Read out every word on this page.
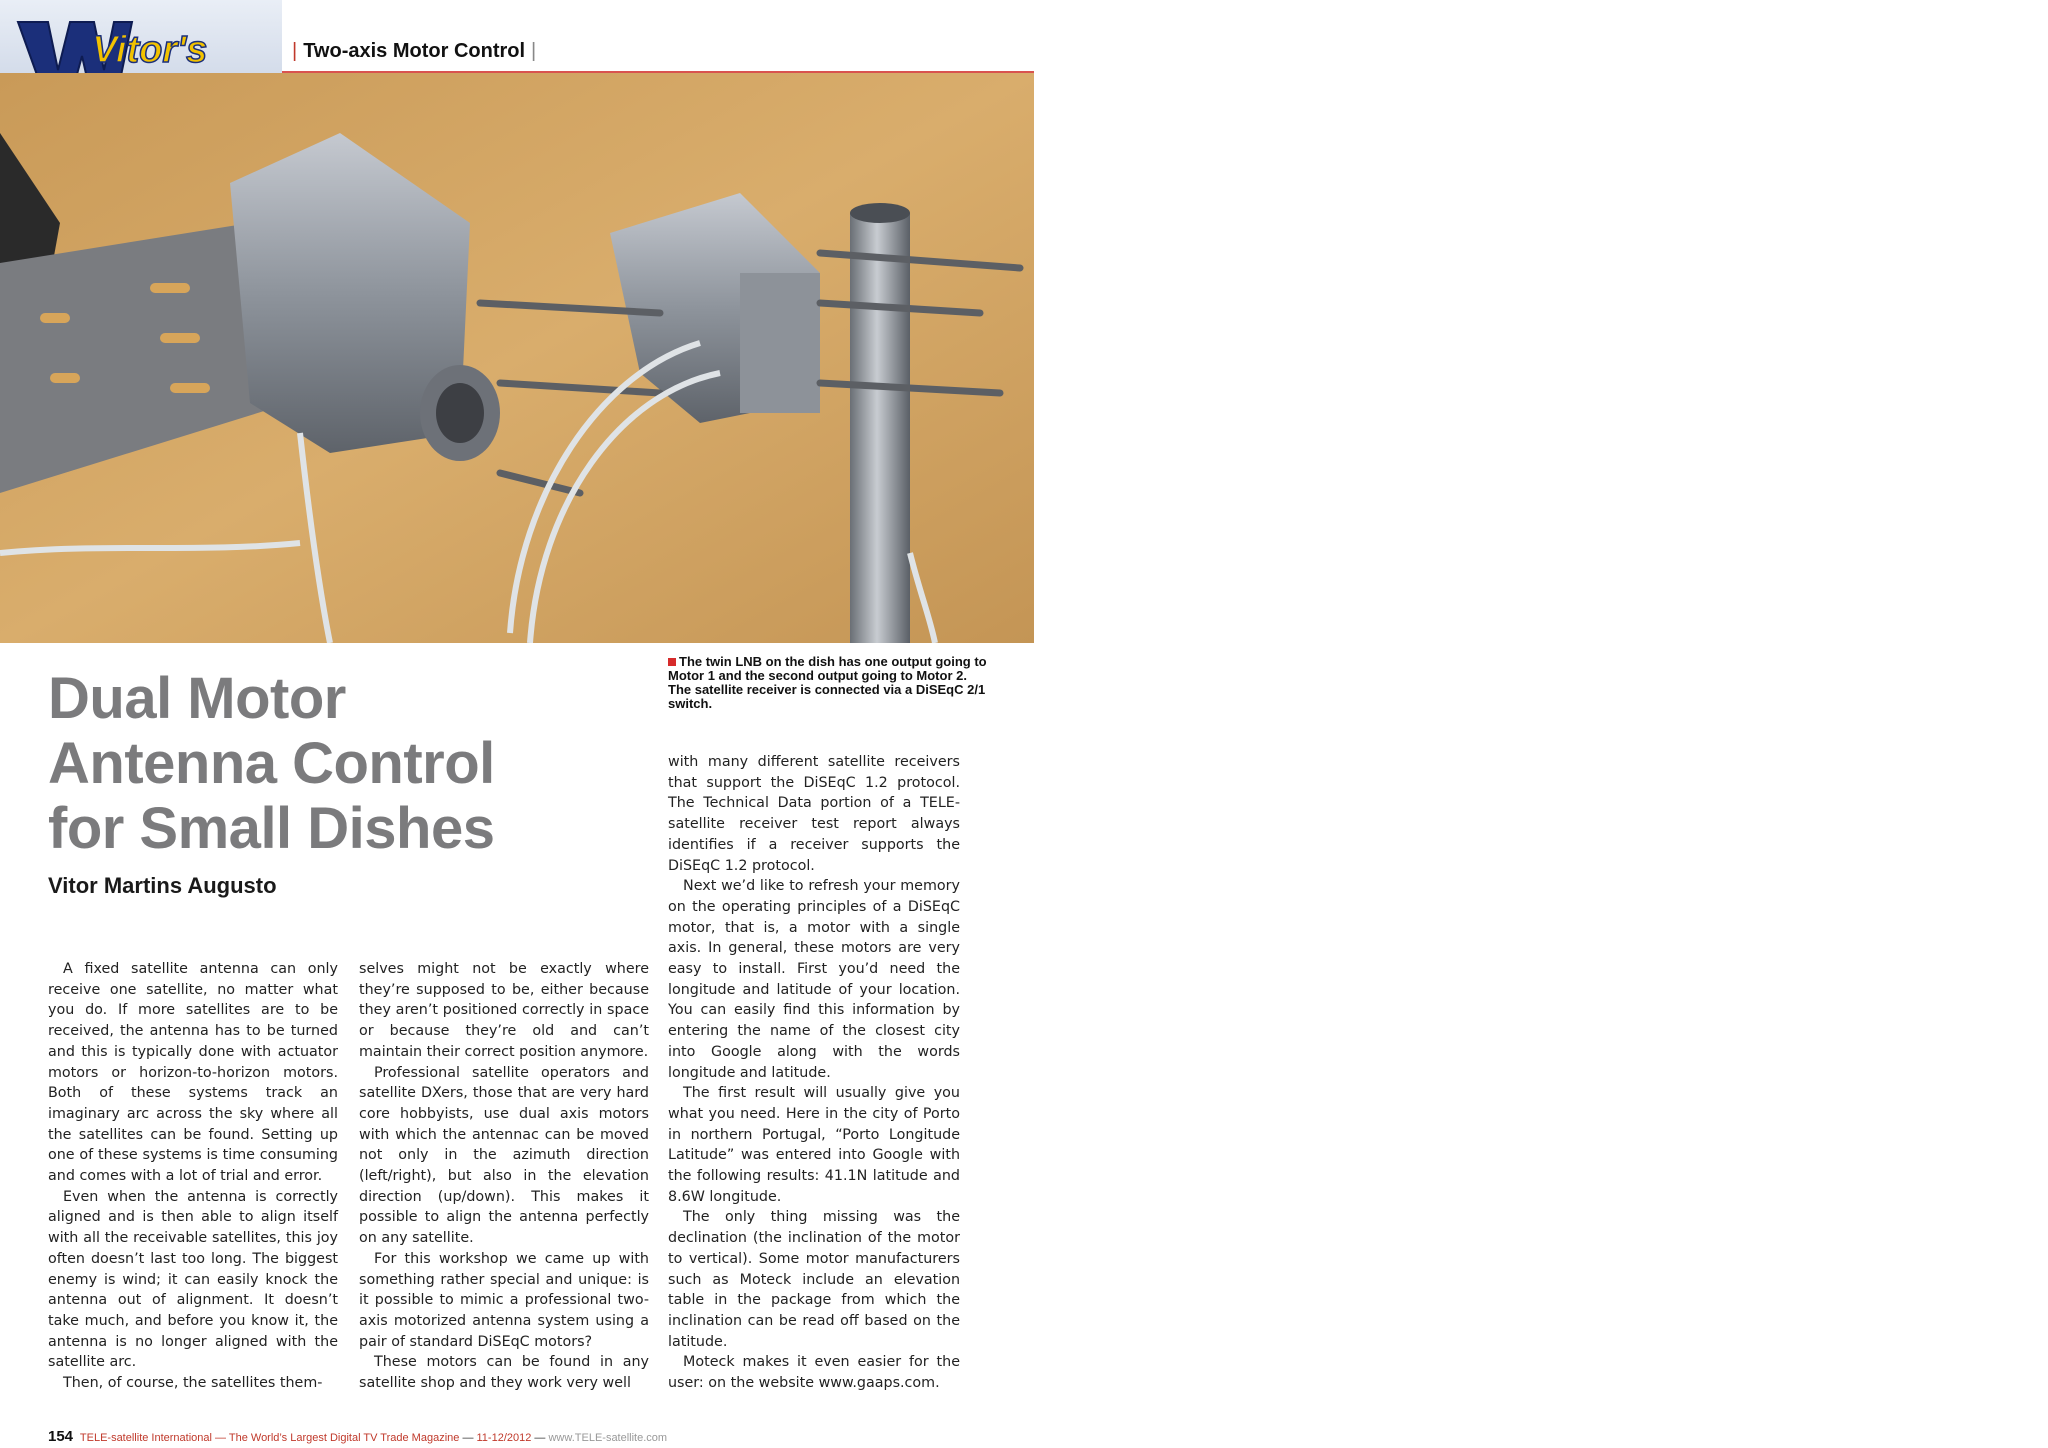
Vitor's	| Two-axis Motor Control |
The twin LNB on the dish has one output going to Motor 1 and the second output going to Motor 2. The satellite receiver is connected via a DiSEqC 2/1 switch.
Dual Motor
Antenna Control
for Small Dishes
Vitor Martins Augusto

A fixed satellite antenna can only receive one satellite, no matter what you do. If more satellites are to be received, the antenna has to be turned and this is typically done with actuator motors or horizon-to-horizon motors. Both of these systems track an imaginary arc across the sky where all the satellites can be found. Setting up one of these systems is time consuming and comes with a lot of trial and error.

Even when the antenna is correctly aligned and is then able to align itself with all the receivable satellites, this joy often doesn’t last too long. The biggest enemy is wind; it can easily knock the antenna out of alignment. It doesn’t take much, and before you know it, the antenna is no longer aligned with the satellite arc.

Then, of course, the satellites them-

selves might not be exactly where they’re supposed to be, either because they aren’t positioned correctly in space or because they’re old and can’t maintain their correct position anymore.

Professional satellite operators and satellite DXers, those that are very hard core hobbyists, use dual axis motors with which the antennac can be moved not only in the azimuth direction (left/right), but also in the elevation direction (up/down). This makes it possible to align the antenna perfectly on any satellite.

For this workshop we came up with something rather special and unique: is it possible to mimic a professional two-axis motorized antenna system using a pair of standard DiSEqC motors?

These motors can be found in any satellite shop and they work very well

with many different satellite receivers that support the DiSEqC 1.2 protocol. The Technical Data portion of a TELE-satellite receiver test report always identifies if a receiver supports the DiSEqC 1.2 protocol.

Next we’d like to refresh your memory on the operating principles of a DiSEqC motor, that is, a motor with a single axis. In general, these motors are very easy to install. First you’d need the longitude and latitude of your location. You can easily find this information by entering the name of the closest city into Google along with the words longitude and latitude.

The first result will usually give you what you need. Here in the city of Porto in northern Portugal, “Porto Longitude Latitude” was entered into Google with the following results: 41.1N latitude and 8.6W longitude.

The only thing missing was the declination (the inclination of the motor to vertical). Some motor manufacturers such as Moteck include an elevation table in the package from which the inclination can be read off based on the latitude.

Moteck makes it even easier for the user: on the website www.gaaps.com.

154 TELE-satellite International — The World’s Largest Digital TV Trade Magazine — 11-12/2012 — www.TELE-satellite.com
